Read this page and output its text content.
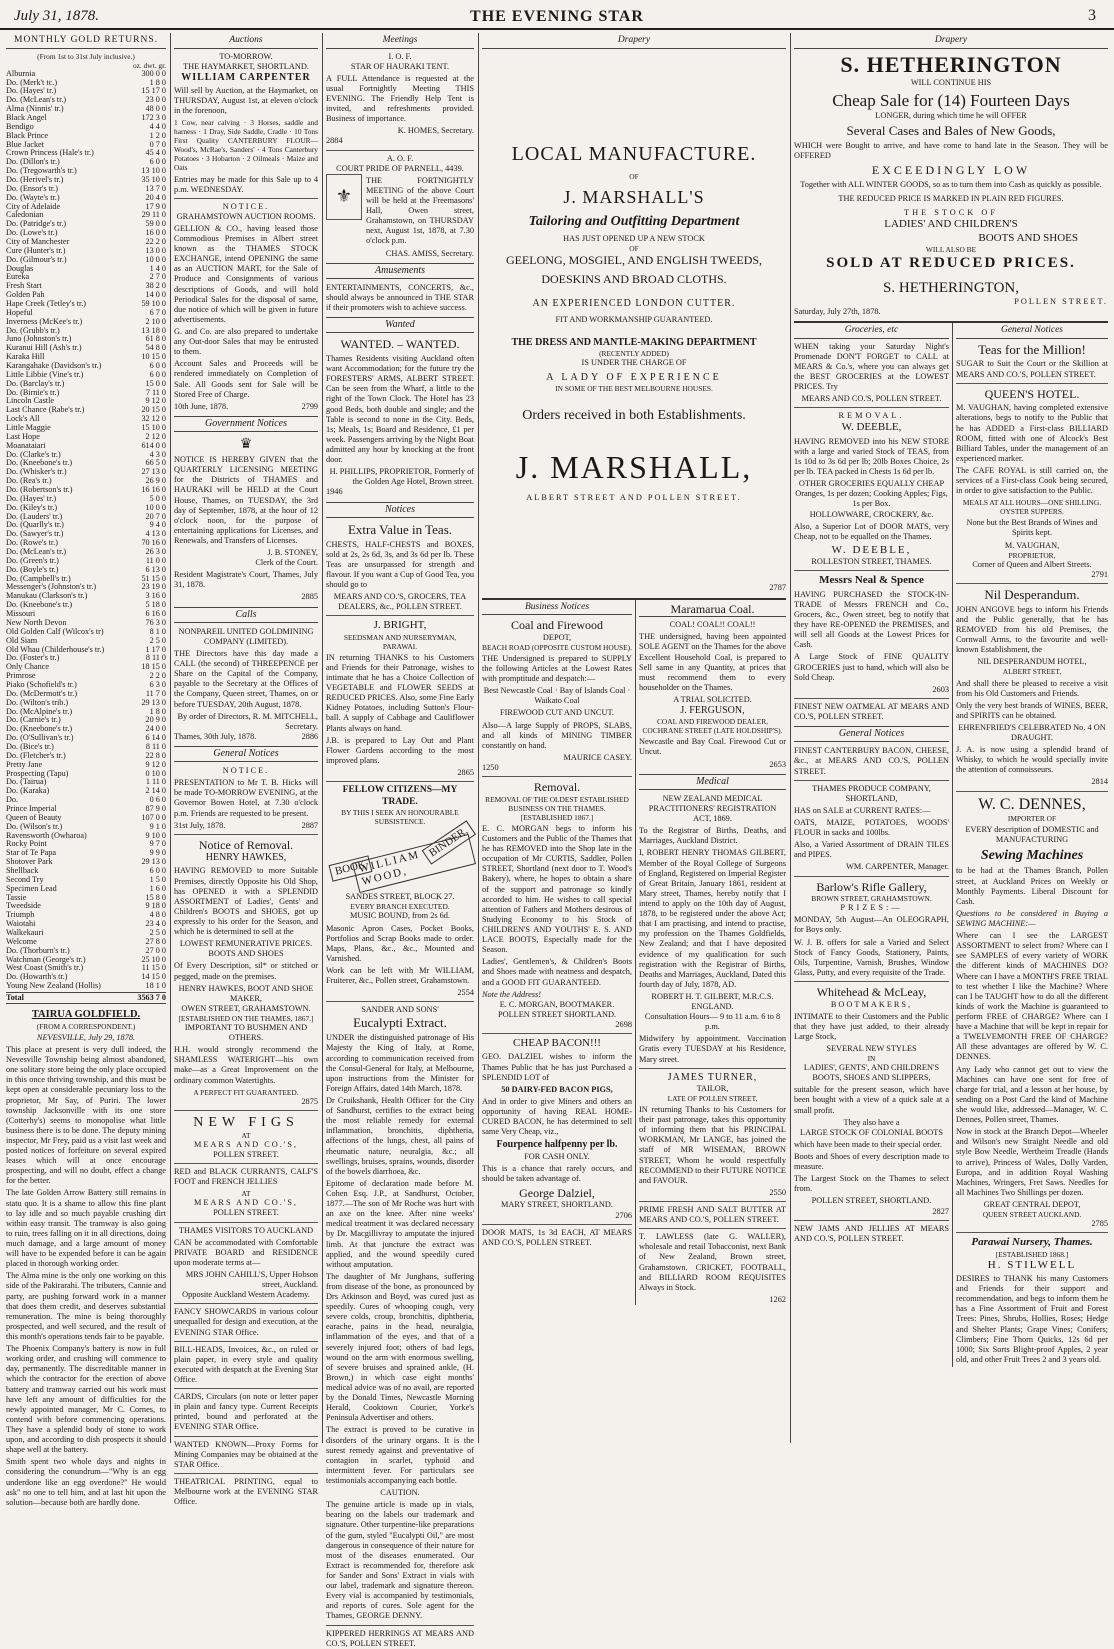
July 31, 1878.	THE EVENING STAR	3
MONTHLY GOLD RETURNS.
(From 1st to 31st July inclusive.)
oz. dwt. gr.
Alburnia	300 0 0
Do. (Merk't tc.)	1 8 0
Do. (Hayes' tr.)	15 17 0
Do. (McLean's tr.)	23 0 0
Alma (Ninnis' tr.)	48 0 0
Black Angel	172 3 0
Bendigo	4 4 0
Black Prince	1 2 0
Blue Jacket	0 7 0
Crown Princess (Hale's tr.)	45 4 0
Do. (Dillon's tr.)	6 0 0
Do. (Tregowarth's tr.)	13 10 0
Do. (Herivel's tr.)	35 10 0
Do. (Ensor's tr.)	13 7 0
Do. (Wayte's tr.)	20 4 0
City of Adelaide	17 9 0
Caledonian	29 11 0
Do. (Patridge's tr.)	59 0 0
Do. (Lowe's tr.)	16 0 0
City of Manchester	22 2 0
Cure (Hunter's tr.)	13 0 0
Do. (Gilmour's tr.)	10 0 0
Douglas	1 4 0
Eureka	2 7 0
Fresh Start	38 2 0
Golden Pah	14 0 0
Hape Creek (Tetley's tr.)	59 10 0
Hopeful	6 7 0
Inverness (McKee's tr.)	2 10 0
Do. (Grubb's tr.)	13 18 0
Juno (Johnston's tr.)	61 8 0
Kuranui Hill (Ash's tr.)	54 8 0
Karaka Hill	10 15 0
Karangahake (Davidson's tr.)	6 0 0
Little Libbie (Vine's tr.)	6 0 0
Do. (Barclay's tr.)	15 0 0
Do. (Birnie's tr.)	7 11 0
Lincoln Castle	9 12 0
Last Chance (Rabe's tr.)	20 15 0
Lock's All	32 12 0
Little Maggie	15 10 0
Last Hope	2 12 0
Moanataiari	614 0 0
Do. (Clarke's tr.)	4 3 0
Do. (Kneebone's tr.)	66 5 0
Do. (Whisker's tr.)	27 13 0
Do. (Rea's tr.)	26 9 0
Do. (Robertson's tr.)	16 16 0
Do. (Hayes' tr.)	5 0 0
Do. (Kiley's tr.)	10 0 0
Do. (Lauders' tr.)	20 7 0
Do. (Quarlly's tr.)	9 4 0
Do. (Sawyer's tr.)	4 13 0
Do. (Rowe's tr.)	70 16 0
Do. (McLean's tr.)	26 3 0
Do. (Green's tr.)	11 0 0
Do. (Boyle's tr.)	6 13 0
Do. (Campbell's tr.)	51 15 0
Messenger's (Johnston's tr.)	23 19 0
Manukau (Clarkson's tr.)	3 16 0
Do. (Kneebone's tr.)	5 18 0
Missouri	6 16 0
New North Devon	76 3 0
Old Golden Calf (Wilcox's tr)	8 1 0
Old Siam	2 5 0
Old Whau (Childerhouse's tr.)	1 17 0
Do. (Foster's tr.)	8 11 0
Only Chance	18 15 0
Primrose	2 2 0
Piako (Schofield's tr.)	6 3 0
Do. (McDermott's tr.)	11 7 0
Do. (Wilton's trib.)	29 13 0
Do. (McAlpine's tr.)	1 8 0
Do. (Carnie's tr.)	20 9 0
Do. (Kneebone's tr.)	24 0 0
Do. (O'Sullivan's tr.)	6 14 0
Do. (Bice's tr.)	8 11 0
Do. (Fletcher's tr.)	22 8 0
Pretty Jane	9 12 0
Prospecting (Tapu)	0 10 0
Do. (Tairua)	1 11 0
Do. (Karaka)	2 14 0
Do.	0 6 0
Prince Imperial	87 9 0
Queen of Beauty	107 0 0
Do. (Wilson's tr.)	9 1 0
Ravensworth (Owharoa)	9 10 0
Rocky Point	9 7 0
Star of Te Papa	9 9 0
Shotover Park	29 13 0
Shellback	6 0 0
Second Try	1 5 0
Specimen Lead	1 6 0
Tassie	15 8 0
Tweedside	9 18 0
Triumph	4 8 0
Waiotahi	23 4 0
Walkekauri	2 5 0
Welcome	27 8 0
Do. (Thorburn's tr.)	27 0 0
Watchman (George's tr.)	25 10 0
West Coast (Smith's tr.)	11 15 0
Do. (Howarth's tr.)	14 15 0
Young New Zealand (Hollis)	18 1 0
Total	3563 7 0
TAIRUA GOLDFIELD.
(FROM A CORRESPONDENT.)

NEVESVILLE, July 29, 1878.

This place at present is very dull indeed, the Nevesville Township being almost abandoned, one solitary store being the only place occupied in this once thriving township, and this must be kept open at considerable pecuniary loss to the proprietor, Mr Say, of Puriri. The lower township Jacksonville with its one store (Cotterhy's) seems to monopolise what little business there is to be done. The deputy mining inspector, Mr Frey, paid us a visit last week and posted notices of forfeiture on several expired leases which will at once encourage prospecting, and will no doubt, effect a change for the better.

The late Golden Arrow Battery still remains in statu quo. It is a shame to allow this fine plant to lay idle and so much payable crushing dirt within easy transit. The tramway is also going to ruin, trees falling on it in all directions, doing much damage, and a large amount of money will have to be expended before it can be again placed in thorough working order.

The Alma mine is the only one working on this side of the Pakirarahi. The tributers, Cannie and party, are pushing forward work in a manner that does them credit, and deserves substantial remuneration. The mine is being thoroughly prospected, and well secured, and the result of this month's operations tends fair to be payable.

The Phoenix Company's battery is now in full working order, and crushing will commence to day, permanently. The discreditable manner in which the contractor for the erection of above battery and tramway carried out his work must have left any amount of difficulties for the newly appointed manager, Mr C. Cornes, to contend with before commencing operations. They have a splendid body of stone to work upon, and according to dish prospects it should shape well at the battery.

Smith spent two whole days and nights in considering the conundrum—"Why is an egg underdone like an egg overdone?" He would ask" no one to tell him, and at last hit upon the solution—because both are hardly done.

Auctions
TO-MORROW.
THE HAYMARKET, SHORTLAND.
WILLIAM CARPENTER

Will sell by Auction, at the Haymarket, on THURSDAY, August 1st, at eleven o'clock in the forenoon,

1 Cow, near calving · 3 Horses, saddle and harness · 1 Dray, Side Saddle, Cradle · 10 Tons First Quality CANTERBURY FLOUR—Wood's, McRae's, Sanders' · 4 Tons Canterbury Potatoes · 3 Hobarton · 2 Oilmeals · Maize and Oats

Entries may be made for this Sale up to 4 p.m. WEDNESDAY.

NOTICE.
GRAHAMSTOWN AUCTION ROOMS.

GELLION & CO., having leased those Commodious Premises in Albert street known as the THAMES STOCK EXCHANGE, intend OPENING the same as an AUCTION MART, for the Sale of Produce and Consignments of various descriptions of Goods, and will hold Periodical Sales for the disposal of same, due notice of which will be given in future advertisements.

G. and Co. are also prepared to undertake any Out-door Sales that may be entrusted to them.

Account Sales and Proceeds will be rendered immediately on Completion of Sale. All Goods sent for Sale will be Stored Free of Charge.

10th June, 1878.	2799
Government Notices
♛

NOTICE IS HEREBY GIVEN that the QUARTERLY LICENSING MEETING for the Districts of THAMES and HAURAKI will be HELD at the Court House, Thames, on TUESDAY, the 3rd day of September, 1878, at the hour of 12 o'clock noon, for the purpose of entertaining applications for Licenses, and Renewals, and Transfers of Licenses.

J. B. STONEY,
Clerk of the Court.

Resident Magistrate's Court, Thames, July 31, 1878.

2885
Calls
NONPAREIL UNITED GOLDMINING COMPANY (LIMITED).

THE Directors have this day made a CALL (the second) of THREEPENCE per Share on the Capital of the Company, payable to the Secretary at the Offices of the Company, Queen street, Thames, on or before TUESDAY, 20th August, 1878.

By order of Directors, R. M. MITCHELL, Secretary.
Thames, 30th July, 1878.	2886
General Notices
NOTICE.

PRESENTATION to Mr T. B. Hicks will be made TO-MORROW EVENING, at the Governor Bowen Hotel, at 7.30 o'clock p.m. Friends are requested to be present.

31st July, 1878.	2887
Notice of Removal.
HENRY HAWKES,

HAVING REMOVED to more Suitable Premises, directly Opposite his Old Shop, has OPENED it with a SPLENDID ASSORTMENT of Ladies', Gents' and Children's BOOTS and SHOES, got up expressly to his order for the Season, and which he is determined to sell at the

LOWEST REMUNERATIVE PRICES.
BOOTS AND SHOES

Of Every Description, sil* or stitched or pegged, made on the premises.

HENRY HAWKES, BOOT AND SHOE MAKER,
OWEN STREET, GRAHAMSTOWN.
[ESTABLISHED ON THE THAMES, 1867.]
IMPORTANT TO BUSHMEN AND OTHERS.

H.H. would strongly recommend the SHAMLESS WATERIGHT—his own make—as a Great Improvement on the ordinary common Watertights.

A PERFECT FIT GUARANTEED.
2875
NEW FIGS
AT
MEARS AND CO.'S,
POLLEN STREET.

RED and BLACK CURRANTS, CALF'S FOOT and FRENCH JELLIES

AT
MEARS AND CO.'S,
POLLEN STREET.
THAMES VISITORS TO AUCKLAND

CAN be accommodated with Comfortable PRIVATE BOARD and RESIDENCE upon moderate terms at—

MRS JOHN CAHILL'S, Upper Hobson street, Auckland.
Opposite Auckland Western Academy.

FANCY SHOWCARDS in various colour unequalled for design and execution, at the EVENING STAR Office.

BILL-HEADS, Invoices, &c., on ruled or plain paper, in every style and quality executed with despatch at the Evening Star Office.

CARDS, Circulars (on note or letter paper in plain and fancy type. Current Receipts printed, bound and perforated at the EVENING STAR Office.

WANTED KNOWN—Proxy Forms for Mining Companies may be obtained at the STAR Office.

THEATRICAL PRINTING, equal to Melbourne work at the EVENING STAR Office.

Meetings
I. O. F.
STAR OF HAURAKI TENT.

A FULL Attendance is requested at the usual Fortnightly Meeting THIS EVENING. The Friendly Help Tent is invited, and refreshments provided. Business of importance.

K. HOMES, Secretary.
2884
A. O. F.
COURT PRIDE OF PARNELL, 4439.
⚜

THE FORTNIGHTLY MEETING of the above Court will be held at the Freemasons' Hall, Owen street, Grahamstown, on THURSDAY next, August 1st, 1878, at 7.30 o'clock p.m.

CHAS. AMISS, Secretary.
Amusements

ENTERTAINMENTS, CONCERTS, &c., should always be announced in THE STAR if their promoters wish to achieve success.

Wanted
WANTED. – WANTED.

Thames Residents visiting Auckland often want Accommodation; for the future try the FORESTERS' ARMS, ALBERT STREET. Can be seen from the Wharf, a little to the right of the Town Clock. The Hotel has 23 good Beds, both double and single; and the Table is second to none in the City. Beds, 1s; Meals, 1s; Board and Residence, £1 per week. Passengers arriving by the Night Boat admitted any hour by knocking at the front door.

H. PHILLIPS, PROPRIETOR, Formerly of the Golden Age Hotel, Brown street.
1946
Notices
Extra Value in Teas.

CHESTS, HALF-CHESTS and BOXES, sold at 2s, 2s 6d, 3s, and 3s 6d per lb. These Teas are unsurpassed for strength and flavour. If you want a Cup of Good Tea, you should go to

MEARS AND CO.'S, GROCERS, TEA DEALERS, &c., POLLEN STREET.
J. BRIGHT,
SEEDSMAN AND NURSERYMAN, PARAWAI.

IN returning THANKS to his Customers and Friends for their Patronage, wishes to intimate that he has a Choice Collection of VEGETABLE and FLOWER SEEDS at REDUCED PRICES. Also, some Fine Early Kidney Potatoes, including Sutton's Flour-ball. A supply of Cabbage and Cauliflower Plants always on hand.

J.B. is prepared to Lay Out and Plant Flower Gardens according to the most improved plans.

2865
FELLOW CITIZENS—MY TRADE.
BY THIS I SEEK AN HONOURABLE SUBSISTENCE.
BOOK
WILLIAM WOOD,
BINDER,
SANDES STREET, BLOCK 27.
EVERY BRANCH EXECUTED.
MUSIC BOUND, from 2s 6d.

Masonic Apron Cases, Pocket Books, Portfolios and Scrap Books made to order. Maps, Plans, &c., &c., Mounted and Varnished.

Work can be left with Mr WILLIAM, Fruiterer, &c., Pollen street, Grahamstown.

2554
SANDER AND SONS'
Eucalypti Extract.

UNDER the distinguished patronage of His Majesty the King of Italy, at Rome, according to communication received from the Consul-General for Italy, at Melbourne, upon instructions from the Minister for Foreign Affairs, dated 14th March, 1878.

Dr Cruikshank, Health Officer for the City of Sandhurst, certifies to the extract being the most reliable remedy for external inflammation, bronchitis, diphtheria, affections of the lungs, chest, all pains of rheumatic nature, neuralgia, &c.; all swellings, bruises, sprains, wounds, disorder of the bowels diarrhoea, &c.

Epitome of declaration made before M. Cohen Esq. J.P., at Sandhurst, October, 1877.—The son of Mr Roche was hurt with an axe on the knee. After nine weeks' medical treatment it was declared necessary by Dr. Macgillivray to amputate the injured limb. At that juncture the extract was applied, and the wound speedily cured without amputation.

The daughter of Mr Junghans, suffering from disease of the bone, as pronounced by Drs Atkinson and Boyd, was cured just as speedily. Cures of whooping cough, very severe colds, croup, bronchitis, diphtheria, earache, pains in the head, neuralgia, inflammation of the eyes, and that of a severely injured foot; others of bad legs, wound on the arm with enormous swelling, of severe bruises and sprained ankle, (H. Brown,) in which case eight months' medical advice was of no avail, are reported by the Donald Times, Newcastle Morning Herald, Cooktown Courier, Yorke's Peninsula Advertiser and others.

The extract is proved to be curative in disorders of the urinary organs. It is the surest remedy against and preventative of contagion in scarlet, typhoid and intermittent fever. For particulars see testimonials accompanying each bottle.

CAUTION.

The genuine article is made up in vials, bearing on the labels our trademark and signature. Other turpentine-like preparations of the gum, styled "Eucalypti Oil," are most dangerous in consequence of their nature for most of the diseases enumerated. Our Extract is recommended for, therefore ask for Sander and Sons' Extract in vials with our label, trademark and signature thereon. Every vial is accompanied by testimonials, and reports of cures. Sole agent for the Thames, GEORGE DENNY.

KIPPERED HERRINGS AT MEARS AND CO.'S, POLLEN STREET.

Drapery
LOCAL MANUFACTURE.
OF
J. MARSHALL'S
Tailoring and Outfitting Department
HAS JUST OPENED UP A NEW STOCK
OF
GEELONG, MOSGIEL, AND ENGLISH TWEEDS,
DOESKINS AND BROAD CLOTHS.
AN EXPERIENCED LONDON CUTTER.
FIT AND WORKMANSHIP GUARANTEED.
THE DRESS AND MANTLE-MAKING DEPARTMENT
(RECENTLY ADDED)
IS UNDER THE CHARGE OF
A LADY OF EXPERIENCE
IN SOME OF THE BEST MELBOURNE HOUSES.
Orders received in both Establishments.
J. MARSHALL,
ALBERT STREET AND POLLEN STREET.
2787
Business Notices
Coal and Firewood
DEPOT,
BEACH ROAD (OPPOSITE CUSTOM HOUSE).

THE Undersigned is prepared to SUPPLY the following Articles at the Lowest Rates with promptitude and despatch:—

Best Newcastle Coal · Bay of Islands Coal · Waikato Coal

FIREWOOD CUT AND UNCUT.

Also—A large Supply of PROPS, SLABS, and all kinds of MINING TIMBER constantly on hand.

MAURICE CASEY.
1250
Removal.
REMOVAL OF THE OLDEST ESTABLISHED BUSINESS ON THE THAMES.
[ESTABLISHED 1867.]

E. C. MORGAN begs to inform his Customers and the Public of the Thames that he has REMOVED into the Shop late in the occupation of Mr CURTIS, Saddler, Pollen STREET, Shortland (next door to T. Wood's Bakery), where, he hopes to obtain a share of the support and patronage so kindly accorded to him. He wishes to call special attention of Fathers and Mothers desirous of Studying Economy to his Stock of CHILDREN'S AND YOUTHS' E. S. AND LACE BOOTS, Especially made for the Season.

Ladies', Gentlemen's, & Children's Boots and Shoes made with neatness and despatch, and a GOOD FIT GUARANTEED.

Note the Address!
E. C. MORGAN, BOOTMAKER.
POLLEN STREET SHORTLAND.
2698
CHEAP BACON!!!

GEO. DALZIEL wishes to inform the Thames Public that he has just Purchased a SPLENDID LOT of

50 DAIRY-FED BACON PIGS,

And in order to give Miners and others an opportunity of having REAL HOME-CURED BACON, he has determined to sell same Very Cheap, viz.,

Fourpence halfpenny per lb.
FOR CASH ONLY.

This is a chance that rarely occurs, and should be taken advantage of.

George Dalziel,
MARY STREET, SHORTLAND.
2706

DOOR MATS, 1s 3d EACH, AT MEARS AND CO.'S, POLLEN STREET.

Maramarua Coal.
COAL! COAL!! COAL!!

THE undersigned, having been appointed SOLE AGENT on the Thames for the above Excellent Household Coal, is prepared to Sell same in any Quantity, at prices that must recommend them to every householder on the Thames.

A TRIAL SOLICITED.
J. FERGUSON,
COAL AND FIREWOOD DEALER, COCHRANE STREET (LATE HOLDSHIP'S).

Newcastle and Bay Coal. Firewood Cut or Uncut.

2653
Medical
NEW ZEALAND MEDICAL PRACTITIONERS' REGISTRATION ACT, 1869.

To the Registrar of Births, Deaths, and Marriages, Auckland District.

I, ROBERT HENRY THOMAS GILBERT, Member of the Royal College of Surgeons of England, Registered on Imperial Register of Great Britain, January 1861, resident at Mary street, Thames, hereby notify that I intend to apply on the 10th day of August, 1878, to be registered under the above Act; that I am practising, and intend to practise, my profession on the Thames Goldfields, New Zealand; and that I have deposited evidence of my qualification for such registration with the Registrar of Births, Deaths and Marriages, Auckland, Dated this fourth day of July, 1878, AD.

ROBERT H. T. GILBERT, M.R.C.S. ENGLAND.
Consultation Hours— 9 to 11 a.m. 6 to 8 p.m.

Midwifery by appointment. Vaccination Gratis every TUESDAY at his Residence, Mary street.

JAMES TURNER,
TAILOR,
LATE OF POLLEN STREET,

IN returning Thanks to his Customers for their past patronage, takes this opportunity of informing them that his PRINCIPAL WORKMAN, Mr LANGE, has joined the staff of MR WISEMAN, BROWN STREET, Whom he would respectfully RECOMMEND to their FUTURE NOTICE and FAVOUR.

2550

PRIME FRESH AND SALT BUTTER AT MEARS AND CO.'S, POLLEN STREET.

T. LAWLESS (late G. WALLER), wholesale and retail Tobacconist, next Bank of New Zealand, Brown street, Grahamstown. CRICKET, FOOTBALL, and BILLIARD ROOM REQUISITES Always in Stock.

1262
Drapery
S. HETHERINGTON
WILL CONTINUE HIS
Cheap Sale for (14) Fourteen Days
LONGER, during which time he will OFFER
Several Cases and Bales of New Goods,

WHICH were Bought to arrive, and have come to hand late in the Season. They will be OFFERED

EXCEEDINGLY LOW

Together with ALL WINTER GOODS, so as to turn them into Cash as quickly as possible.

THE REDUCED PRICE IS MARKED IN PLAIN RED FIGURES.
THE STOCK OF
LADIES' AND CHILDREN'S
BOOTS AND SHOES
WILL ALSO BE
SOLD AT REDUCED PRICES.
S. HETHERINGTON,
POLLEN STREET.
Saturday, July 27th, 1878.
Groceries, etc

WHEN taking your Saturday Night's Promenade DON'T FORGET to CALL at MEARS & Co.'s, where you can always get the BEST GROCERIES at the LOWEST PRICES. Try

MEARS AND CO.'S, POLLEN STREET.
REMOVAL.
W. DEEBLE,

HAVING REMOVED into his NEW STORE with a large and varied Stock of TEAS, from 1s 10d to 3s 6d per lb; 20lb Boxes Choice, 2s per lb. TEA packed in Chests 1s 6d per lb.

OTHER GROCERIES EQUALLY CHEAP
Oranges, 1s per dozen; Cooking Apples; Figs, 1s per Box.
HOLLOWWARE, CROCKERY, &c.

Also, a Superior Lot of DOOR MATS, very Cheap, not to be equalled on the Thames.

W. DEEBLE,
ROLLESTON STREET, THAMES.
Messrs Neal & Spence

HAVING PURCHASED the STOCK-IN-TRADE of Messrs FRENCH and Co., Grocers, &c., Owen street, beg to notify that they have RE-OPENED the PREMISES, and will sell all Goods at the Lowest Prices for Cash.

A Large Stock of FINE QUALITY GROCERIES just to hand, which will also be Sold Cheap.

2603

FINEST NEW OATMEAL AT MEARS AND CO.'S, POLLEN STREET.

General Notices

FINEST CANTERBURY BACON, CHEESE, &c., at MEARS AND CO.'S, POLLEN STREET.

THAMES PRODUCE COMPANY, SHORTLAND,

HAS on SALE at CURRENT RATES:—

OATS, MAIZE, POTATOES, WOODS' FLOUR in sacks and 100lbs.

Also, a Varied Assortment of DRAIN TILES and PIPES.

WM. CARPENTER, Manager.
Barlow's Rifle Gallery,
BROWN STREET, GRAHAMSTOWN.
PRIZES:—

MONDAY, 5th August—An OLEOGRAPH, for Boys only.

W. J. B. offers for sale a Varied and Select Stock of Fancy Goods, Stationery, Paints, Oils, Turpentine, Varnish, Brushes, Window Glass, Putty, and every requisite of the Trade.

Whitehead & McLeay,
BOOTMAKERS,

INTIMATE to their Customers and the Public that they have just added, to their already Large Stock,

SEVERAL NEW STYLES
IN
LADIES', GENTS', AND CHILDREN'S BOOTS, SHOES AND SLIPPERS,

suitable for the present season, which have been bought with a view of a quick sale at a small profit.

They also have a
LARGE STOCK OF COLONIAL BOOTS

which have been made to their special order.

Boots and Shoes of every description made to measure.

The Largest Stock on the Thames to select from.

POLLEN STREET, SHORTLAND.
2827

NEW JAMS AND JELLIES AT MEARS AND CO.'S, POLLEN STREET.

General Notices
Teas for the Million!

SUGAR to Suit the Court or the Skillion at MEARS AND CO.'S, POLLEN STREET.

QUEEN'S HOTEL.

M. VAUGHAN, having completed extensive alterations, begs to notify to the Public that he has ADDED a First-class BILLIARD ROOM, fitted with one of Alcock's Best Billiard Tables, under the management of an experienced marker.

The CAFE ROYAL is still carried on, the services of a First-class Cook being secured, in order to give satisfaction to the Public.

MEALS AT ALL HOURS—ONE SHILLING.
OYSTER SUPPERS.

None but the Best Brands of Wines and Spirits kept.

M. VAUGHAN,
PROPRIETOR,
Corner of Queen and Albert Streets.
2791
Nil Desperandum.

JOHN ANGOVE begs to inform his Friends and the Public generally, that he has REMOVED from his old Premises, the Cornwall Arms, to the favourite and well-known Establishment, the

NIL DESPERANDUM HOTEL,
ALBERT STREET,

And shall there be pleased to receive a visit from his Old Customers and Friends.

Only the very best brands of WINES, BEER, and SPIRITS can be obtained.

EHRENFRIED'S CELEBRATED No. 4 ON DRAUGHT.

J. A. is now using a splendid brand of Whisky, to which he would specially invite the attention of connoisseurs.

2814
W. C. DENNES,
IMPORTER OF

EVERY description of DOMESTIC and MANUFACTURING

Sewing Machines

to be had at the Thames Branch, Pollen street, at Auckland Prices on Weekly or Monthly Payments. Liberal Discount for Cash.

Questions to be considered in Buying a SEWING MACHINE:—

Where can I see the LARGEST ASSORTMENT to select from? Where can I see SAMPLES of every variety of WORK the different kinds of MACHINES DO? Where can I have a MONTH'S FREE TRIAL to test whether I like the Machine? Where can I be TAUGHT how to do all the different kinds of work the Machine is guaranteed to perform FREE of CHARGE? Where can I have a Machine that will be kept in repair for a TWELVEMONTH FREE OF CHARGE? All these advantages are offered by W. C. DENNES.

Any Lady who cannot get out to view the Machines can have one sent for free of charge for trial, and a lesson at her house, by sending on a Post Card the kind of Machine she would like, addressed—Manager, W. C. Dennes, Pollen street, Thames.

Now in stock at the Branch Depot—Wheeler and Wilson's new Straight Needle and old style Bow Needle, Wertheim Treadle (Hands to arrive), Princess of Wales, Dolly Varden, Europa, and in addition Royal Washing Machines, Wringers, Fret Saws. Needles for all Machines Two Shillings per dozen.

GREAT CENTRAL DEPOT,
QUEEN STREET AUCKLAND.
2785
Parawai Nursery, Thames.
[ESTABLISHED 1868.]
H. STILWELL

DESIRES to THANK his many Customers and Friends for their support and recommendation, and begs to inform them he has a Fine Assortment of Fruit and Forest Trees: Pines, Shrubs, Hollies, Roses; Hedge and Shelter Plants; Grape Vines; Conifers; Climbers; Fine Thorn Quicks, 12s 6d per 1000; Six Sorts Blight-proof Apples, 2 year old, and other Fruit Trees 2 and 3 years old.
